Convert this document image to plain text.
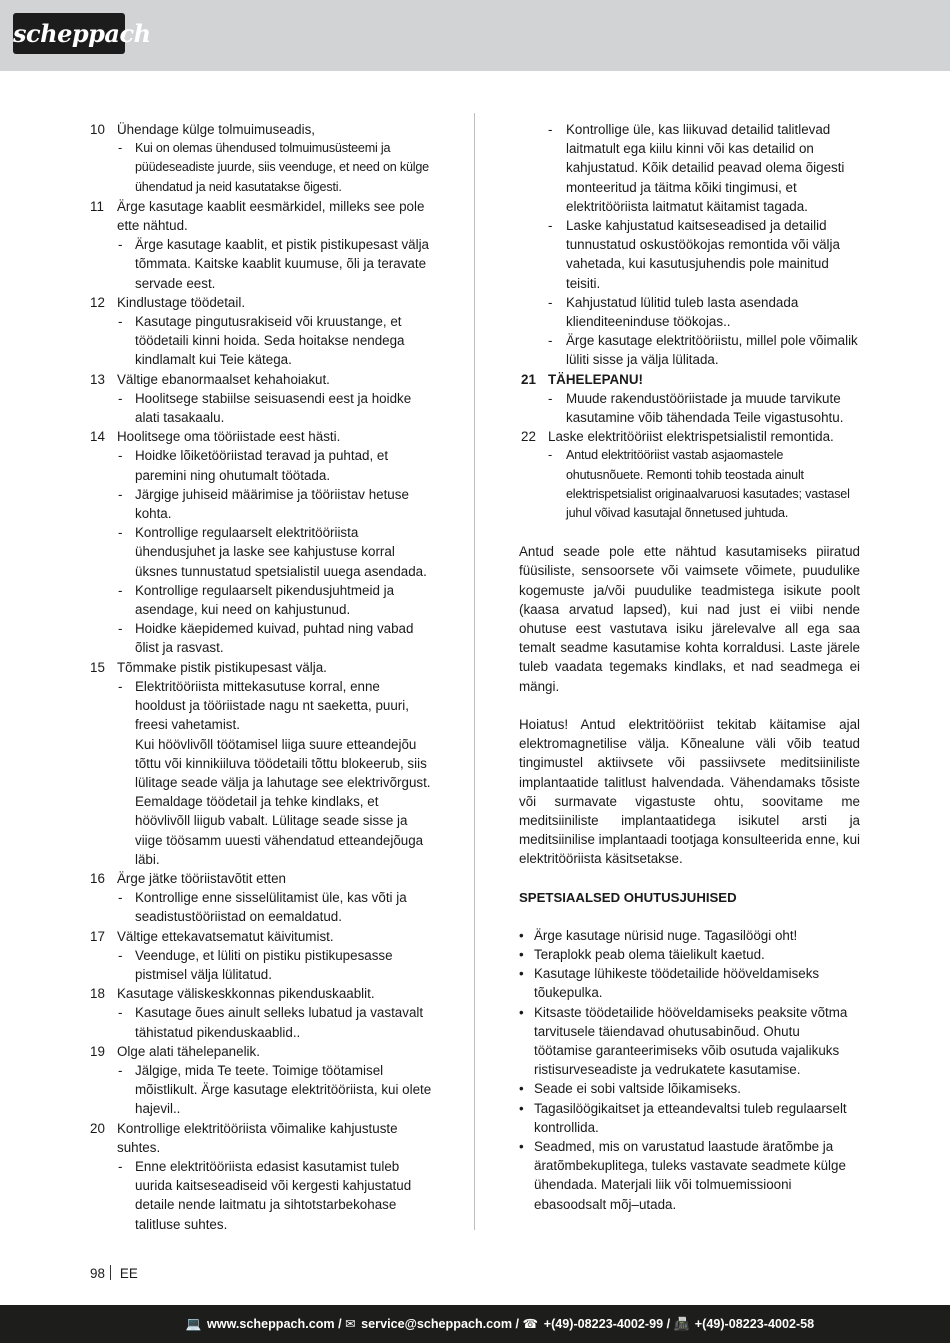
scheppach
10 Ühendage külge tolmuimuseadis,
- Kui on olemas ühendused tolmuimusüsteemi ja püüdeseadiste juurde, siis veenduge, et need on külge ühendatud ja neid kasutatakse õigesti.
11 Ärge kasutage kaablit eesmärkidel, milleks see pole ette nähtud.
- Ärge kasutage kaablit, et pistik pistikupesast välja tõmmata. Kaitske kaablit kuumuse, õli ja teravate servade eest.
12 Kindlustage töödetail.
- Kasutage pingutusrakiseid või kruustange, et töödetaili kinni hoida. Seda hoitakse nendega kindlamalt kui Teie kätega.
13 Vältige ebanormaalset kehahoiakut.
- Hoolitsege stabiilse seisuasendi eest ja hoidke alati tasakaalu.
14 Hoolitsege oma tööriistade eest hästi.
- Hoidke lõiketööriistad teravad ja puhtad, et paremini ning ohutumalt töötada.
- Järgige juhiseid määrimise ja tööriistav hetuse kohta.
- Kontrollige regulaarselt elektritööriista ühendusjuhet ja laske see kahjustuse korral üksnes tunnustatud spetsialistil uuega asendada.
- Kontrollige regulaarselt pikendusjuhtmeid ja asendage, kui need on kahjustunud.
- Hoidke käepidemed kuivad, puhtad ning vabad õlist ja rasvast.
15 Tõmmake pistik pistikupesast välja.
- Elektritööriista mittekasutuse korral, enne hooldust ja tööriistade nagu nt saeketta, puuri, freesi vahetamist.
Kui höövlivõll töötamisel liiga suure etteandejõu tõttu või kinnikiiluva töödetaili tõttu blokeerub, siis lülitage seade välja ja lahutage see elektrivõrgust. Eemaldage töödetail ja tehke kindlaks, et höövlivõll liigub vabalt. Lülitage seade sisse ja viige töösamm uuesti vähendatud etteandejõuga läbi.
16 Ärge jätke tööriistavõtit etten
- Kontrollige enne sisselülitamist üle, kas võti ja seadistustööriistad on eemaldatud.
17 Vältige ettekavatsematut käivitumist.
- Veenduge, et lüliti on pistiku pistikupesasse pistmisel välja lülitatud.
18 Kasutage väliskeskkonnas pikenduskaablit.
- Kasutage õues ainult selleks lubatud ja vastavalt tähistatud pikenduskaablid..
19 Olge alati tähelepanelik.
- Jälgige, mida Te teete. Toimige töötamisel mõistlikult. Ärge kasutage elektritööriista, kui olete hajevil..
20 Kontrollige elektritööriista võimalike kahjustuste suhtes.
- Enne elektritööriista edasist kasutamist tuleb uurida kaitseseadiseid või kergesti kahjustatud detaile nende laitmatu ja sihtotstarbekohase talitluse suhtes.
- Kontrollige üle, kas liikuvad detailid talitlevad laitmatult ega kiilu kinni või kas detailid on kahjustatud. Kõik detailid peavad olema õigesti monteeritud ja täitma kõiki tingimusi, et elektritööriista laitmatut käitamist tagada.
- Laske kahjustatud kaitseseadised ja detailid tunnustatud oskustöökojas remontida või välja vahetada, kui kasutusjuhendis pole mainitud teisiti.
- Kahjustatud lülitid tuleb lasta asendada klienditeeninduse töökojas..
- Ärge kasutage elektritööriistu, millel pole võimalik lüliti sisse ja välja lülitada.
21 TÄHELEPANU!
- Muude rakendustööriistade ja muude tarvikute kasutamine võib tähendada Teile vigastusohtu.
22 Laske elektritööriist elektrispetsialistil remontida.
- Antud elektritööriist vastab asjaomastele ohutusnõuete. Remonti tohib teostada ainult elektrispetsialist originaalvaruosi kasutades; vastasel juhul võivad kasutajal õnnetused juhtuda.
Antud seade pole ette nähtud kasutamiseks piiratud füüsiliste, sensoorsete või vaimsete võimete, puudulike kogemuste ja/või puudulike teadmistega isikute poolt (kaasa arvatud lapsed), kui nad just ei viibi nende ohutuse eest vastutava isiku järelevalve all ega saa temalt seadme kasutamise kohta korraldusi. Laste järele tuleb vaadata tegemaks kindlaks, et nad seadmega ei mängi.
Hoiatus! Antud elektritööriist tekitab käitamise ajal elektromagnetilise välja. Kõnealune väli võib teatud tingimustel aktiivsete või passiivsete meditsiiniliste implantaatide talitlust halvendada. Vähendamaks tõsiste või surmavate vigastuste ohtu, soovitame me meditsiiniliste implantaatidega isikutel arsti ja meditsiinilise implantaadi tootjaga konsulteerida enne, kui elektritööriista käsitsetakse.
SPETSIAALSED OHUTUSJUHISED
• Ärge kasutage nürisid nuge. Tagasilöögi oht!
• Teraplokk peab olema täielikult kaetud.
• Kasutage lühikeste töödetailide hööveldamiseks tõukepulka.
• Kitsaste töödetailide hööveldamiseks peaksite võtma tarvitusele täiendavad ohutusabinõud. Ohutu töötamise garanteerimiseks võib osutuda vajalikuks ristisurveseadiste ja vedrukatete kasutamise.
• Seade ei sobi valtside lõikamiseks.
• Tagasilöögikaitset ja etteandevaltsi tuleb regulaarselt kontrollida.
• Seadmed, mis on varustatud laastude äratõmbe ja äratõmbekuplitega, tuleks vastavate seadmete külge ühendada. Materjali liik või tolmuemissiooni ebasoodsalt mõj–utada.
98 EE
💻 www.scheppach.com / ✉ service@scheppach.com / ☎ +(49)-08223-4002-99 / 📠 +(49)-08223-4002-58
